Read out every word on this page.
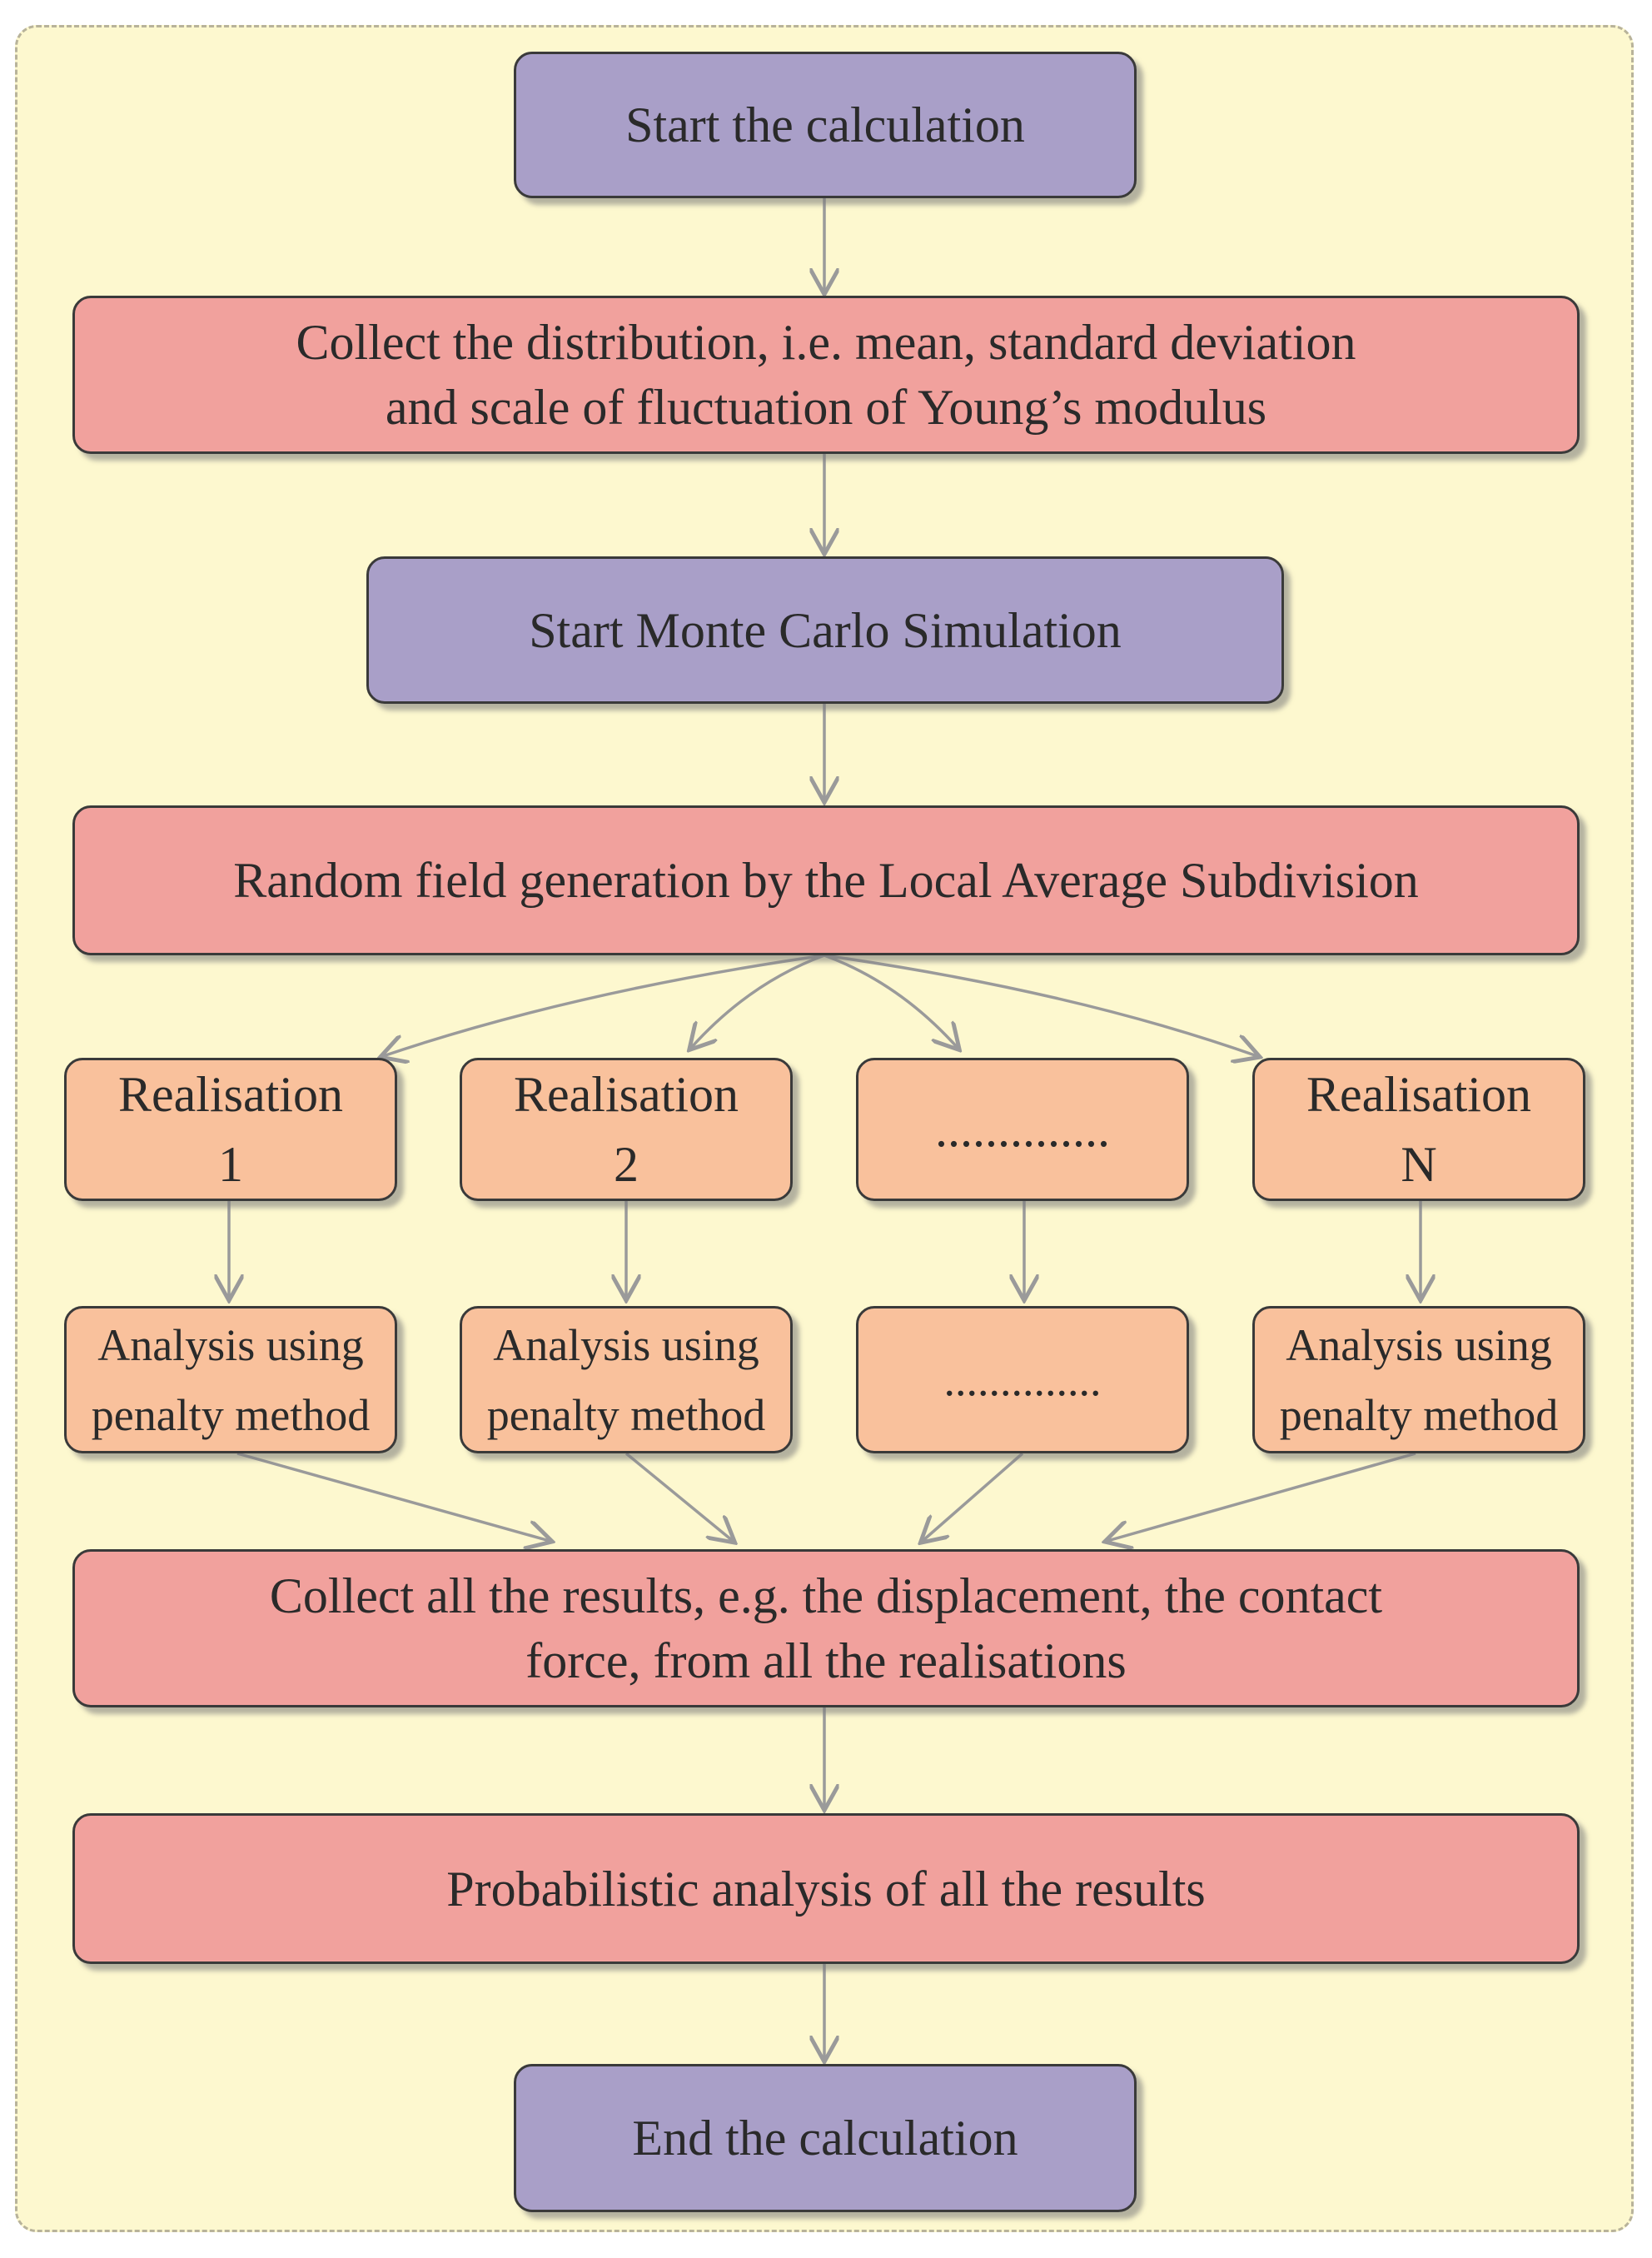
Start the calculation
Collect the distribution, i.e. mean, standard deviation
and scale of fluctuation of Young’s modulus
Start Monte Carlo Simulation
Random field generation by the Local Average Subdivision
Realisation
1
Realisation
2
..............
Realisation
N
Analysis using
penalty method
Analysis using
penalty method
..............
Analysis using
penalty method
Collect all the results, e.g. the displacement, the contact
force, from all the realisations
Probabilistic analysis of all the results
End the calculation
